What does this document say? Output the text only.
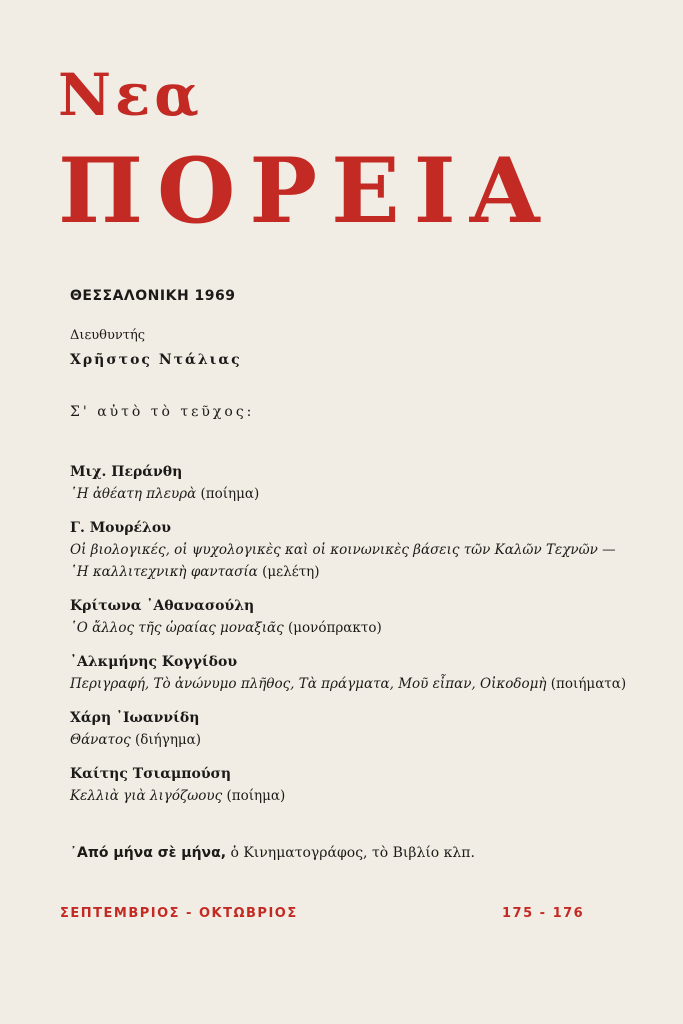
Νεα
ΠΟΡΕΙΑ
ΘΕΣΣΑΛΟΝΙΚΗ 1969
Διευθυντής
Χρῆστος Ντάλιας
Σ' αὐτὸ τὸ τεῦχος:
Μιχ. Περάνθη
῾Η ἀθέατη πλευρὰ (ποίημα)
Γ. Μουρέλου
Οἱ βιολογικές, οἱ ψυχολογικὲς καὶ οἱ κοινωνικὲς βάσεις τῶν Καλῶν Τεχνῶν —῾Η καλλιτεχνικὴ φαντασία (μελέτη)
Κρίτωνα ᾽Αθανασούλη
῾Ο ἄλλος τῆς ὡραίας μοναξιᾶς (μονόπρακτο)
᾽Αλκμήνης Κογγίδου
Περιγραφή, Τὸ ἀνώνυμο πλῆθος, Τὰ πράγματα, Μοῦ εἶπαν, Οἰκοδομὴ (ποιήματα)
Χάρη ᾽Ιωαννίδη
Θάνατος (διήγημα)
Καίτης Τσιαμπούση
Κελλιὰ γιὰ λιγόζωους (ποίημα)
᾽Από μήνα σὲ μήνα, ὁ Κινηματογράφος, τὸ Βιβλίο κλπ.
ΣΕΠΤΕΜΒΡΙΟΣ - ΟΚΤΩΒΡΙΟΣ	175 - 176
